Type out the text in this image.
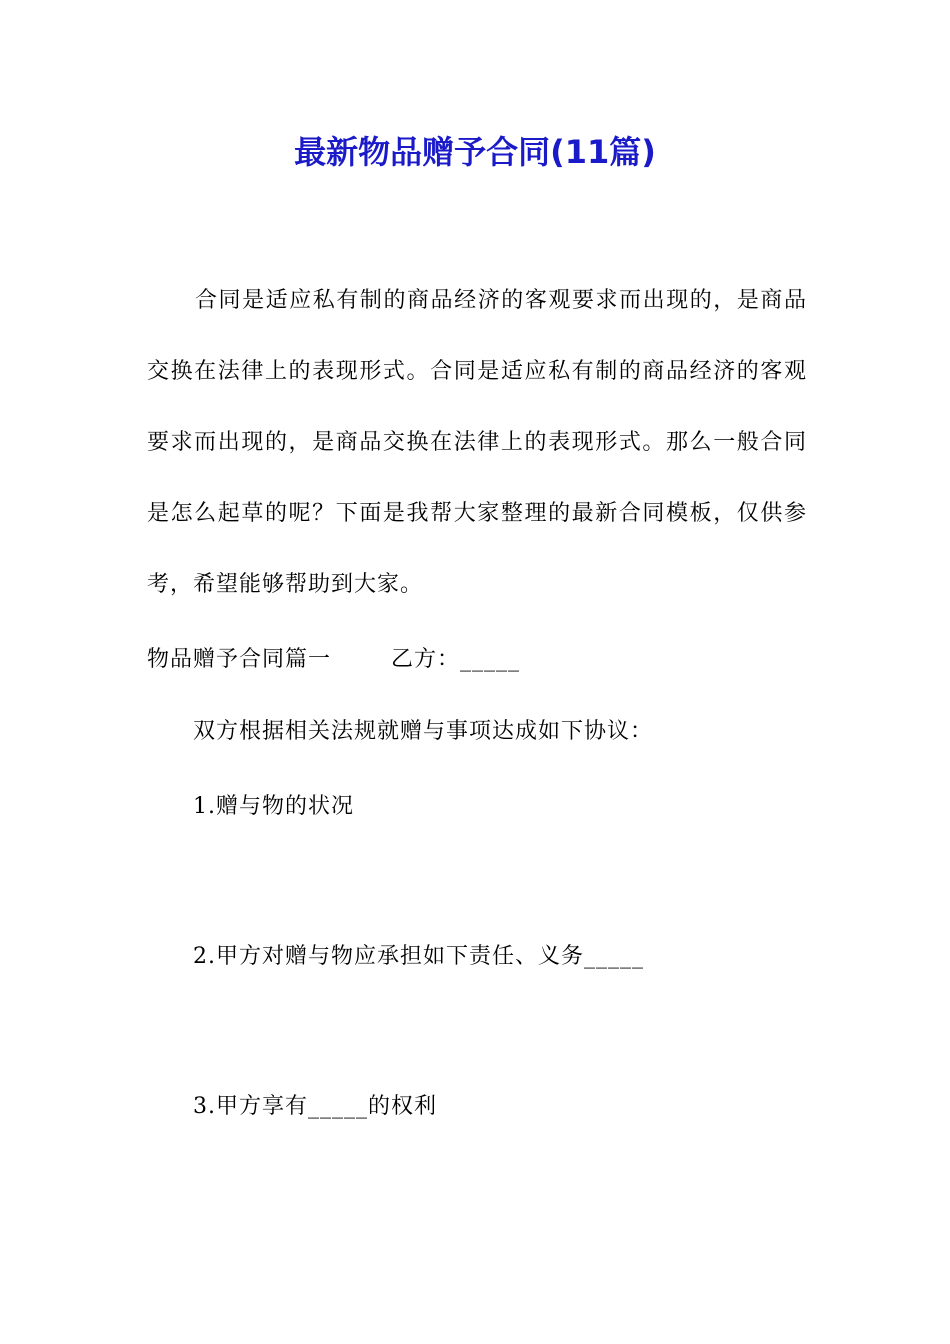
最新物品赠予合同(11篇)

合同是适应私有制的商品经济的客观要求而出现的，是商品交换在法律上的表现形式。合同是适应私有制的商品经济的客观要求而出现的，是商品交换在法律上的表现形式。那么一般合同是怎么起草的呢？下面是我帮大家整理的最新合同模板，仅供参考，希望能够帮助到大家。

物品赠予合同篇一	乙方：_____

双方根据相关法规就赠与事项达成如下协议：

1.赠与物的状况

2.甲方对赠与物应承担如下责任、义务_____

3.甲方享有_____的权利
